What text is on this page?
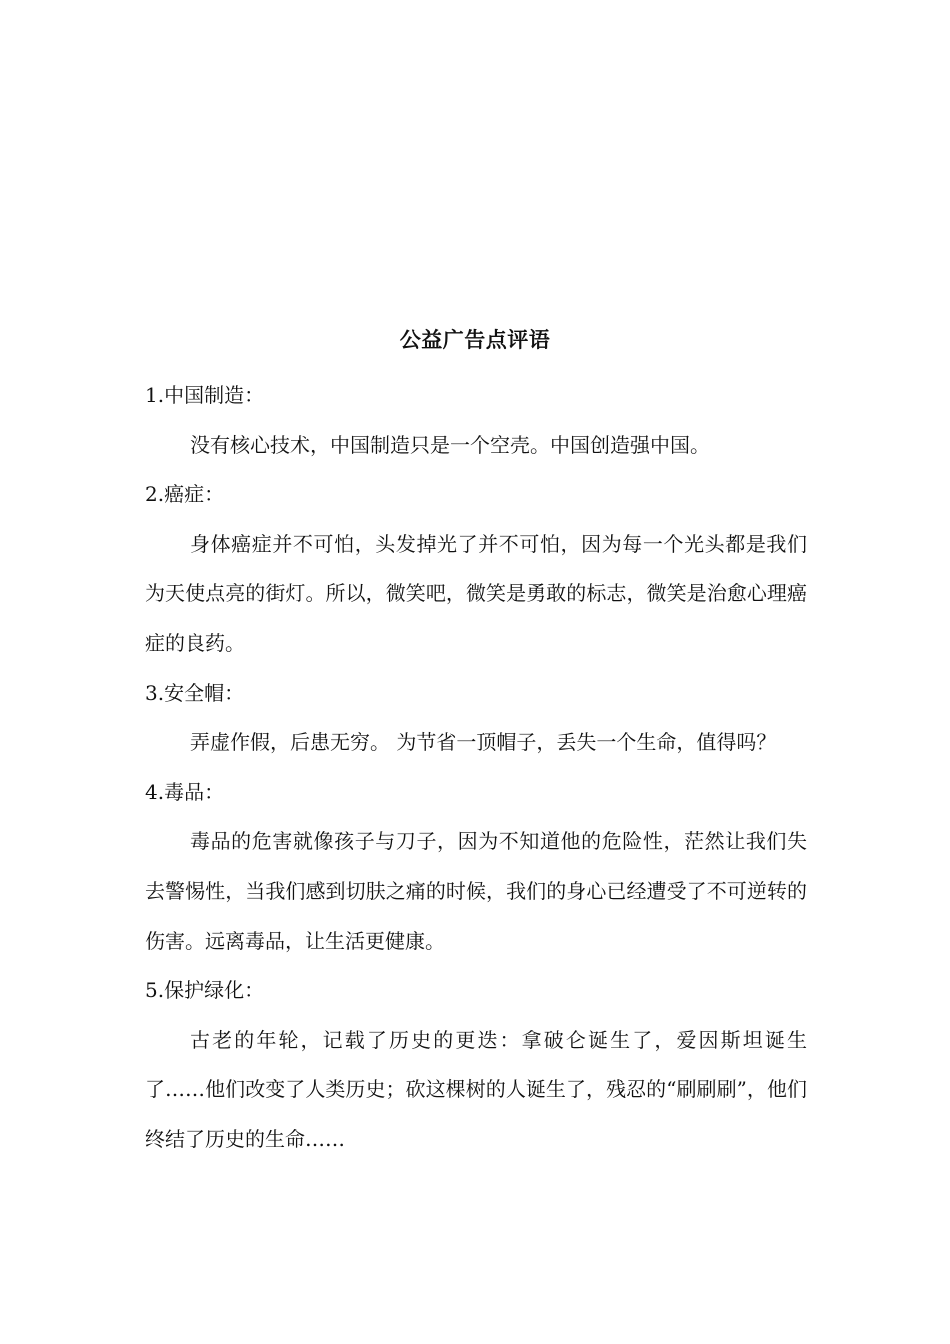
公益广告点评语

1.中国制造：

没有核心技术，中国制造只是一个空壳。中国创造强中国。

2.癌症：

身体癌症并不可怕，头发掉光了并不可怕，因为每一个光头都是我们为天使点亮的街灯。所以，微笑吧，微笑是勇敢的标志，微笑是治愈心理癌症的良药。

3.安全帽：

弄虚作假，后患无穷。 为节省一顶帽子，丢失一个生命，值得吗？

4.毒品：

毒品的危害就像孩子与刀子，因为不知道他的危险性，茫然让我们失去警惕性，当我们感到切肤之痛的时候，我们的身心已经遭受了不可逆转的伤害。远离毒品，让生活更健康。

5.保护绿化：

古老的年轮，记载了历史的更迭：拿破仑诞生了，爱因斯坦诞生了……他们改变了人类历史；砍这棵树的人诞生了，残忍的“刷刷刷”，他们终结了历史的生命……
